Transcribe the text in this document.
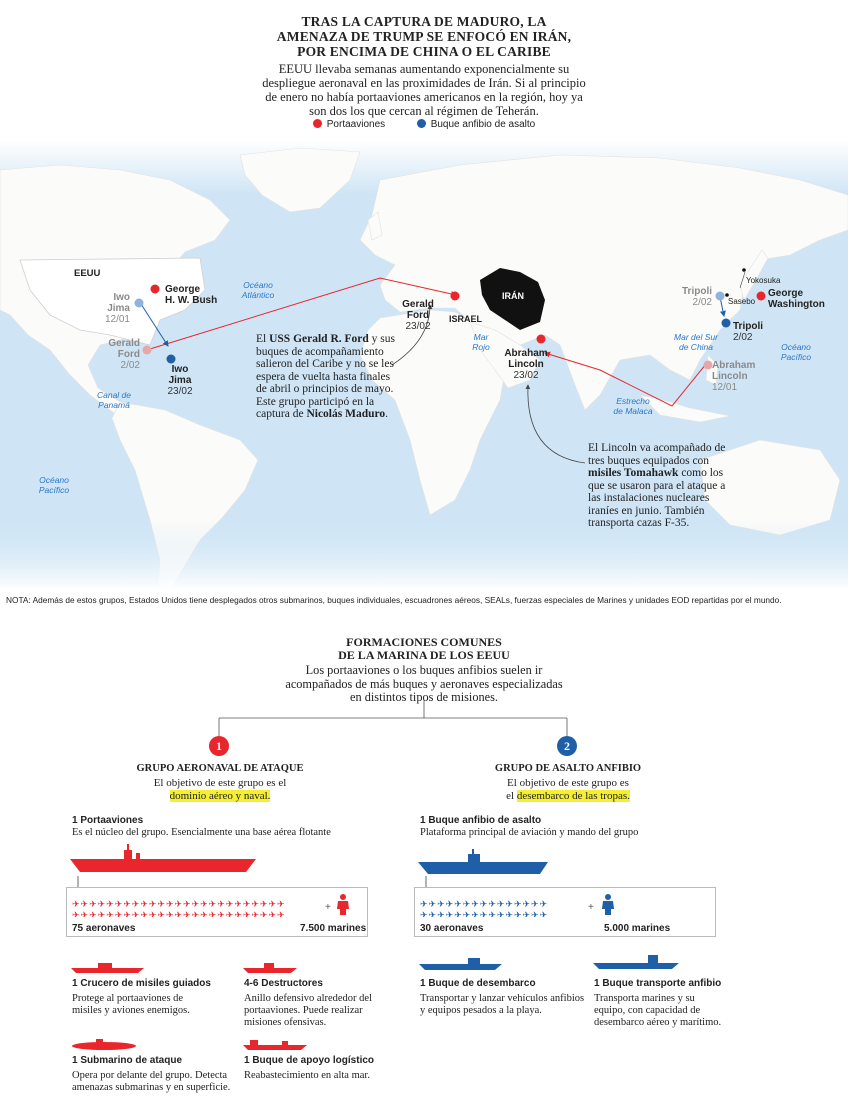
TRAS LA CAPTURA DE MADURO, LA
AMENAZA DE TRUMP SE ENFOCÓ EN IRÁN,
POR ENCIMA DE CHINA O EL CARIBE
EEUU llevaba semanas aumentando exponencialmente su
despliegue aeronaval en las proximidades de Irán. Si al principio
de enero no había portaaviones americanos en la región, hoy ya
son dos los que cercan al régimen de Teherán.
Portaaviones	Buque anfibio de asalto
EEUU
IRÁN
ISRAEL
Océano
Atlántico
Océano
Pacífico
Océano
Pacífico
Canal de
Panamá
Mar
Rojo
Mar del Sur
de China
Estrecho
de Malaca
George
H. W. Bush
Iwo Jima
12/01
Gerald Ford
2/02	Iwo Jima
23/02
Gerald Ford
23/02
Abraham
Lincoln
23/02
Tripoli
2/02
Tripoli
2/02
Abraham
Lincoln
12/01
George
Washington
Yokosuka
Sasebo
El USS Gerald R. Ford y sus
buques de acompañamiento
salieron del Caribe y no se les
espera de vuelta hasta finales
de abril o principios de mayo.
Este grupo participó en la
captura de Nicolás Maduro.
El Lincoln va acompañado de
tres buques equipados con
misiles Tomahawk como los
que se usaron para el ataque a
las instalaciones nucleares
iraníes en junio. También
transporta cazas F-35.
NOTA: Además de estos grupos, Estados Unidos tiene desplegados otros submarinos, buques individuales, escuadrones aéreos, SEALs, fuerzas especiales de Marines y unidades EOD repartidas por el mundo.
FORMACIONES COMUNES
DE LA MARINA DE LOS EEUU
Los portaaviones o los buques anfibios suelen ir
acompañados de más buques y aeronaves especializadas
en distintos tipos de misiones.
1	2
GRUPO AERONAVAL DE ATAQUE
El objetivo de este grupo es el
dominio aéreo y naval.
GRUPO DE ASALTO ANFIBIO
El objetivo de este grupo es
el desembarco de las tropas.
1 Portaaviones
Es el núcleo del grupo. Esencialmente una base aérea flotante
✈✈✈✈✈✈✈✈✈✈✈✈✈✈✈✈✈✈✈✈✈✈✈✈✈
✈✈✈✈✈✈✈✈✈✈✈✈✈✈✈✈✈✈✈✈✈✈✈✈✈
+
75 aeronaves	7.500 marines
1 Crucero de misiles guiados
Protege al portaaviones de
misiles y aviones enemigos.
4-6 Destructores
Anillo defensivo alrededor del
portaaviones. Puede realizar
misiones ofensivas.
1 Submarino de ataque
Opera por delante del grupo. Detecta
amenazas submarinas y en superficie.
1 Buque de apoyo logístico
Reabastecimiento en alta mar.
1 Buque anfibio de asalto
Plataforma principal de aviación y mando del grupo
✈✈✈✈✈✈✈✈✈✈✈✈✈✈✈
✈✈✈✈✈✈✈✈✈✈✈✈✈✈✈
+
30 aeronaves	5.000 marines
1 Buque de desembarco
Transportar y lanzar vehículos anfibios
y equipos pesados a la playa.
1 Buque transporte anfibio
Transporta marines y su
equipo, con capacidad de
desembarco aéreo y marítimo.
